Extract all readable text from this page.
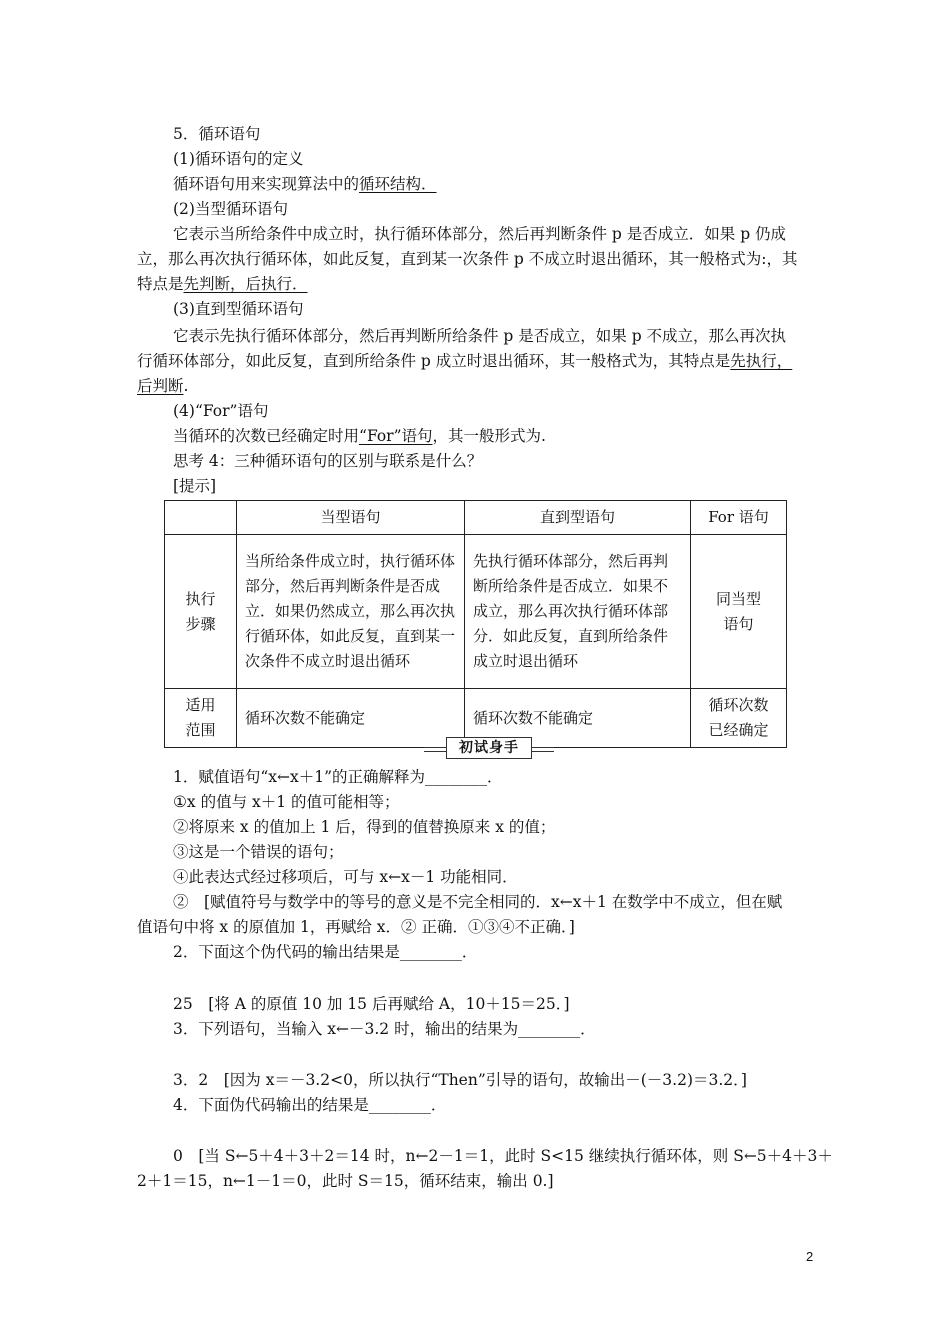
5．循环语句
(1)循环语句的定义
循环语句用来实现算法中的循环结构．
(2)当型循环语句
它表示当所给条件中成立时，执行循环体部分，然后再判断条件 p 是否成立．如果 p 仍成
立，那么再次执行循环体，如此反复，直到某一次条件 p 不成立时退出循环，其一般格式为:，其
特点是先判断，后执行．
(3)直到型循环语句
它表示先执行循环体部分，然后再判断所给条件 p 是否成立，如果 p 不成立，那么再次执
行循环体部分，如此反复，直到所给条件 p 成立时退出循环，其一般格式为，其特点是先执行，
后判断.
(4)“For”语句
当循环的次数已经确定时用“For”语句，其一般形式为.
思考 4：三种循环语句的区别与联系是什么？
[提示]
	当型语句	直到型语句	For 语句
执行
步骤	当所给条件成立时，执行循环体部分，然后再判断条件是否成立．如果仍然成立，那么再次执行循环体，如此反复，直到某一次条件不成立时退出循环	先执行循环体部分，然后再判断所给条件是否成立．如果不成立，那么再次执行循环体部分．如此反复，直到所给条件成立时退出循环	同当型
语句
适用
范围	循环次数不能确定	循环次数不能确定	循环次数
已经确定
初试身手
1．赋值语句“x←x＋1”的正确解释为________．
①x 的值与 x＋1 的值可能相等；
②将原来 x 的值加上 1 后，得到的值替换原来 x 的值；
③这是一个错误的语句；
④此表达式经过移项后，可与 x←x－1 功能相同．
②　[赋值符号与数学中的等号的意义是不完全相同的．x←x＋1 在数学中不成立，但在赋
值语句中将 x 的原值加 1，再赋给 x．② 正确．①③④不正确．]
2．下面这个伪代码的输出结果是________．
25　[将 A 的原值 10 加 15 后再赋给 A，10＋15＝25．]
3．下列语句，当输入 x←－3.2 时，输出的结果为________．
3．2　[因为 x＝－3.2<0，所以执行“Then”引导的语句，故输出－(－3.2)＝3.2．]
4．下面伪代码输出的结果是________．
0　[当 S←5＋4＋3＋2＝14 时，n←2－1＝1，此时 S<15 继续执行循环体，则 S←5＋4＋3＋
2＋1＝15，n←1－1＝0，此时 S＝15，循环结束，输出 0.]
2
